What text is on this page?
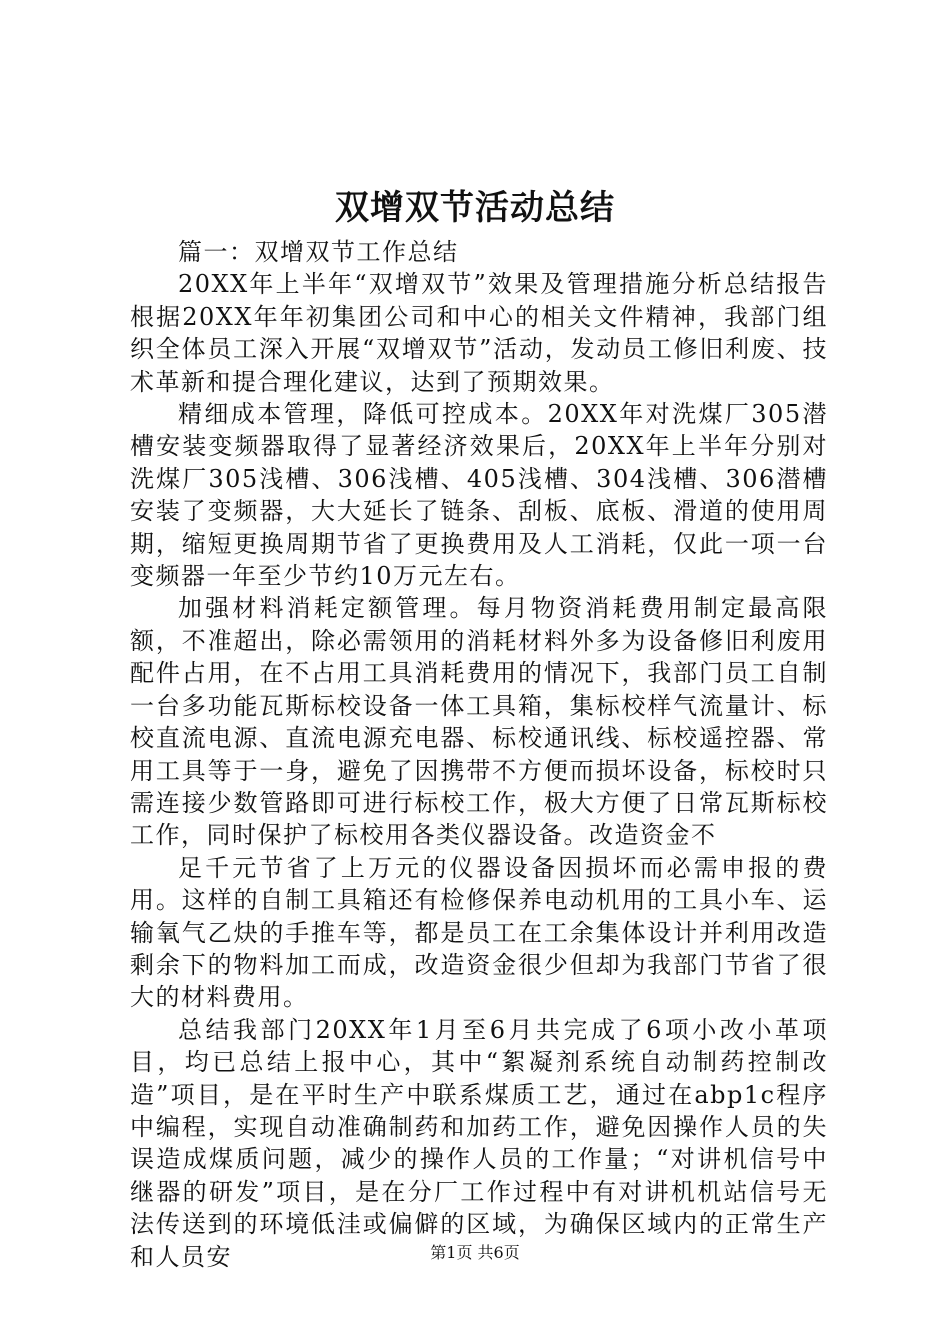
双增双节活动总结

篇一：双增双节工作总结

20XX年上半年“双增双节”效果及管理措施分析总结报告根据20XX年年初集团公司和中心的相关文件精神，我部门组织全体员工深入开展“双增双节”活动，发动员工修旧利废、技术革新和提合理化建议，达到了预期效果。

精细成本管理，降低可控成本。20XX年对洗煤厂305潜槽安装变频器取得了显著经济效果后，20XX年上半年分别对洗煤厂305浅槽、306浅槽、405浅槽、304浅槽、306潜槽安装了变频器，大大延长了链条、刮板、底板、滑道的使用周期，缩短更换周期节省了更换费用及人工消耗，仅此一项一台变频器一年至少节约10万元左右。

加强材料消耗定额管理。每月物资消耗费用制定最高限额，不准超出，除必需领用的消耗材料外多为设备修旧利废用配件占用，在不占用工具消耗费用的情况下，我部门员工自制一台多功能瓦斯标校设备一体工具箱，集标校样气流量计、标校直流电源、直流电源充电器、标校通讯线、标校遥控器、常用工具等于一身，避免了因携带不方便而损坏设备，标校时只需连接少数管路即可进行标校工作，极大方便了日常瓦斯标校工作，同时保护了标校用各类仪器设备。改造资金不

足千元节省了上万元的仪器设备因损坏而必需申报的费用。这样的自制工具箱还有检修保养电动机用的工具小车、运输氧气乙炔的手推车等，都是员工在工余集体设计并利用改造剩余下的物料加工而成，改造资金很少但却为我部门节省了很大的材料费用。

总结我部门20XX年1月至6月共完成了6项小改小革项目，均已总结上报中心，其中“絮凝剂系统自动制药控制改造”项目，是在平时生产中联系煤质工艺，通过在abp1c程序中编程，实现自动准确制药和加药工作，避免因操作人员的失误造成煤质问题，减少的操作人员的工作量；“对讲机信号中继器的研发”项目，是在分厂工作过程中有对讲机机站信号无法传送到的环境低洼或偏僻的区域，为确保区域内的正常生产和人员安	第1页 共6页
